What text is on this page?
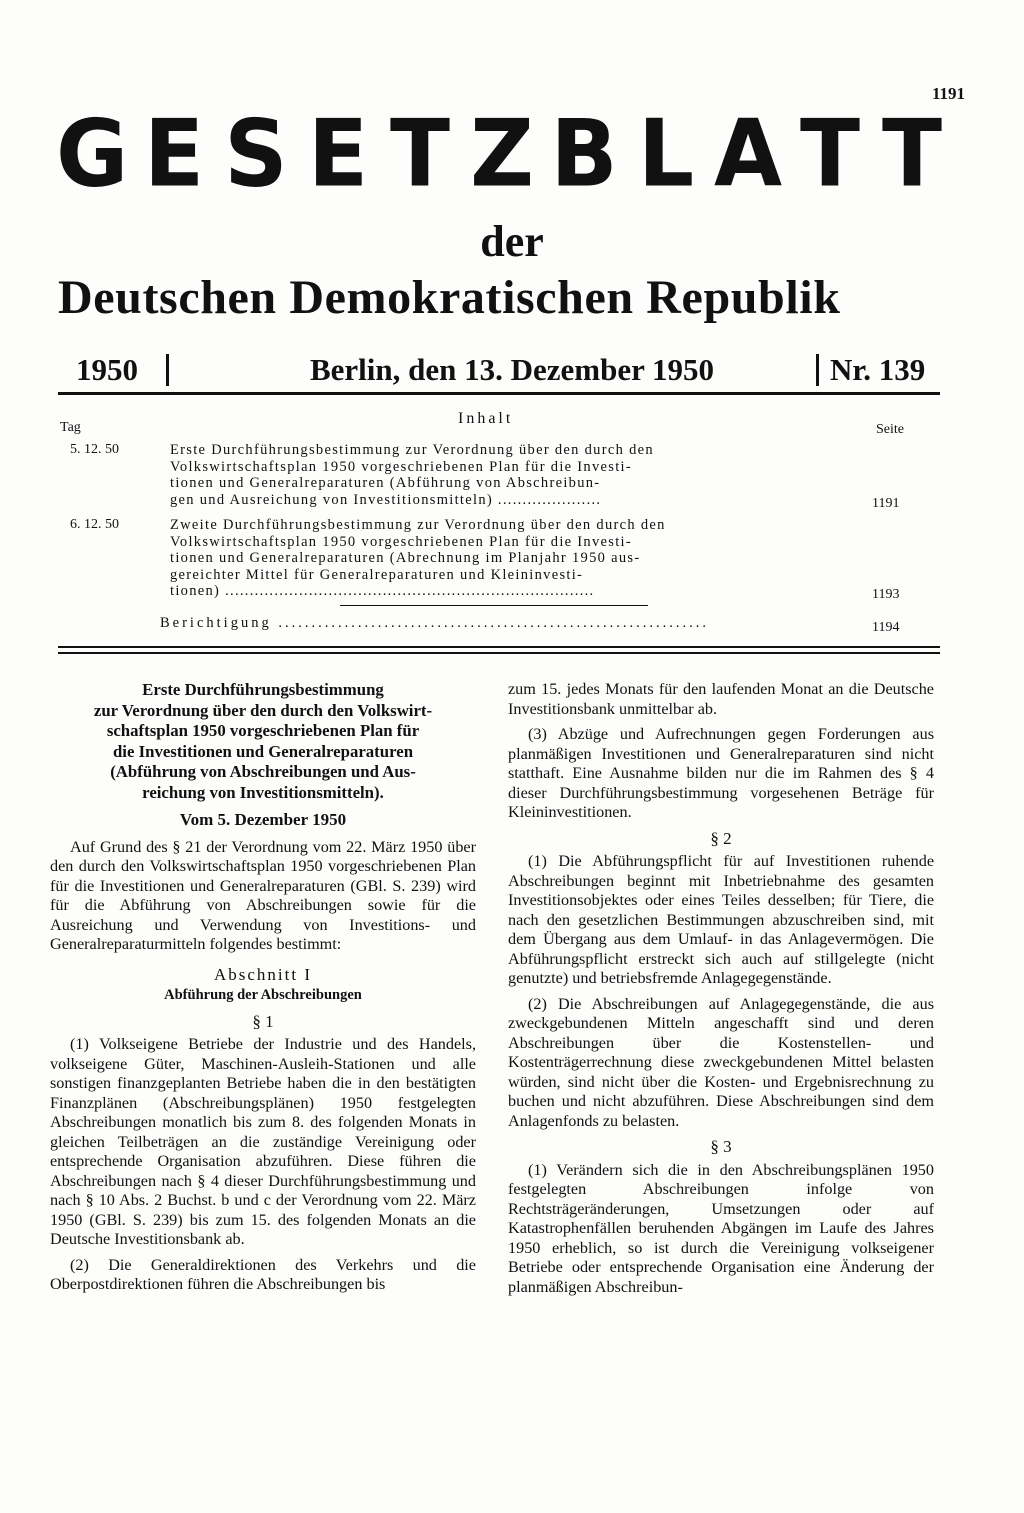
1191
G E S E T Z B L A T T
der
Deutschen Demokratischen Republik
1950	Berlin, den 13. Dezember 1950	Nr. 139
Tag
Inhalt
Seite
5. 12. 50	Erste Durchführungsbestimmung zur Verordnung über den durch den
Volkswirtschaftsplan 1950 vorgeschriebenen Plan für die Investi-
tionen und Generalreparaturen (Abführung von Abschreibun-
gen und Ausreichung von Investitionsmitteln) .....................	1191
6. 12. 50	Zweite Durchführungsbestimmung zur Verordnung über den durch den
Volkswirtschaftsplan 1950 vorgeschriebenen Plan für die Investi-
tionen und Generalreparaturen (Abrechnung im Planjahr 1950 aus-
gereichter Mittel für Generalreparaturen und Kleininvesti-
tionen) ...........................................................................	1193
Berichtigung .................................................................	1194

Erste Durchführungsbestimmung
zur Verordnung über den durch den Volkswirt-
schaftsplan 1950 vorgeschriebenen Plan für
die Investitionen und Generalreparaturen
(Abführung von Abschreibungen und Aus-
reichung von Investitionsmitteln).

Vom 5. Dezember 1950

Auf Grund des § 21 der Verordnung vom 22. März 1950 über den durch den Volkswirtschaftsplan 1950 vorgeschriebenen Plan für die Investitionen und Generalreparaturen (GBl. S. 239) wird für die Abführung von Abschreibungen sowie für die Ausreichung und Verwendung von Investitions- und Generalreparaturmitteln folgendes bestimmt:

Abschnitt I

Abführung der Abschreibungen

§ 1

(1) Volkseigene Betriebe der Industrie und des Handels, volkseigene Güter, Maschinen-Ausleih-Stationen und alle sonstigen finanzgeplanten Betriebe haben die in den bestätigten Finanzplänen (Abschreibungsplänen) 1950 festgelegten Abschreibungen monatlich bis zum 8. des folgenden Monats in gleichen Teilbeträgen an die zuständige Vereinigung oder entsprechende Organisation abzuführen. Diese führen die Abschreibungen nach § 4 dieser Durchführungsbestimmung und nach § 10 Abs. 2 Buchst. b und c der Verordnung vom 22. März 1950 (GBl. S. 239) bis zum 15. des folgenden Monats an die Deutsche Investitionsbank ab.

(2) Die Generaldirektionen des Verkehrs und die Oberpostdirektionen führen die Abschreibungen bis

zum 15. jedes Monats für den laufenden Monat an die Deutsche Investitionsbank unmittelbar ab.

(3) Abzüge und Aufrechnungen gegen Forderungen aus planmäßigen Investitionen und Generalreparaturen sind nicht statthaft. Eine Ausnahme bilden nur die im Rahmen des § 4 dieser Durchführungsbestimmung vorgesehenen Beträge für Kleininvestitionen.

§ 2

(1) Die Abführungspflicht für auf Investitionen ruhende Abschreibungen beginnt mit Inbetriebnahme des gesamten Investitionsobjektes oder eines Teiles desselben; für Tiere, die nach den gesetzlichen Bestimmungen abzuschreiben sind, mit dem Übergang aus dem Umlauf- in das Anlagevermögen. Die Abführungspflicht erstreckt sich auch auf stillgelegte (nicht genutzte) und betriebsfremde Anlagegegenstände.

(2) Die Abschreibungen auf Anlagegegenstände, die aus zweckgebundenen Mitteln angeschafft sind und deren Abschreibungen über die Kostenstellen- und Kostenträgerrechnung diese zweckgebundenen Mittel belasten würden, sind nicht über die Kosten- und Ergebnisrechnung zu buchen und nicht abzuführen. Diese Abschreibungen sind dem Anlagenfonds zu belasten.

§ 3

(1) Verändern sich die in den Abschreibungsplänen 1950 festgelegten Abschreibungen infolge von Rechtsträgeränderungen, Umsetzungen oder auf Katastrophenfällen beruhenden Abgängen im Laufe des Jahres 1950 erheblich, so ist durch die Vereinigung volkseigener Betriebe oder entsprechende Organisation eine Änderung der planmäßigen Abschreibun-
